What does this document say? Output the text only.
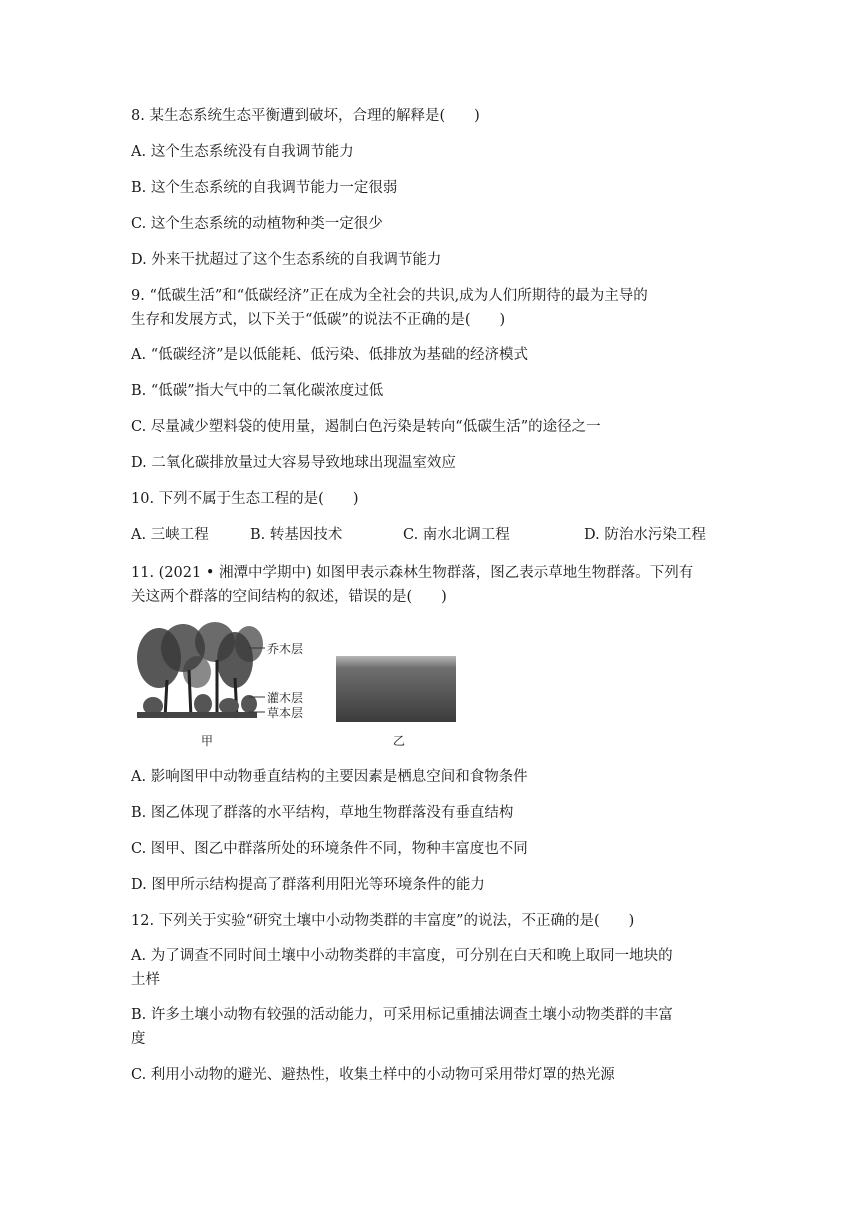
8. 某生态系统生态平衡遭到破坏，合理的解释是(　　)
A. 这个生态系统没有自我调节能力
B. 这个生态系统的自我调节能力一定很弱
C. 这个生态系统的动植物种类一定很少
D. 外来干扰超过了这个生态系统的自我调节能力
9. “低碳生活”和“低碳经济”正在成为全社会的共识,成为人们所期待的最为主导的
生存和发展方式，以下关于“低碳”的说法不正确的是(　　)
A. “低碳经济”是以低能耗、低污染、低排放为基础的经济模式
B. “低碳”指大气中的二氧化碳浓度过低
C. 尽量减少塑料袋的使用量，遏制白色污染是转向“低碳生活”的途径之一
D. 二氧化碳排放量过大容易导致地球出现温室效应
10. 下列不属于生态工程的是(　　)
A. 三峡工程	B. 转基因技术	C. 南水北调工程	D. 防治水污染工程
11. (2021 • 湘潭中学期中) 如图甲表示森林生物群落，图乙表示草地生物群落。下列有
关这两个群落的空间结构的叙述，错误的是(　　)
乔木层
灌木层
草本层
甲	乙
A. 影响图甲中动物垂直结构的主要因素是栖息空间和食物条件
B. 图乙体现了群落的水平结构，草地生物群落没有垂直结构
C. 图甲、图乙中群落所处的环境条件不同，物种丰富度也不同
D. 图甲所示结构提高了群落利用阳光等环境条件的能力
12. 下列关于实验“研究土壤中小动物类群的丰富度”的说法，不正确的是(　　)
A. 为了调查不同时间土壤中小动物类群的丰富度，可分别在白天和晚上取同一地块的
土样
B. 许多土壤小动物有较强的活动能力，可采用标记重捕法调查土壤小动物类群的丰富
度
C. 利用小动物的避光、避热性，收集土样中的小动物可采用带灯罩的热光源
